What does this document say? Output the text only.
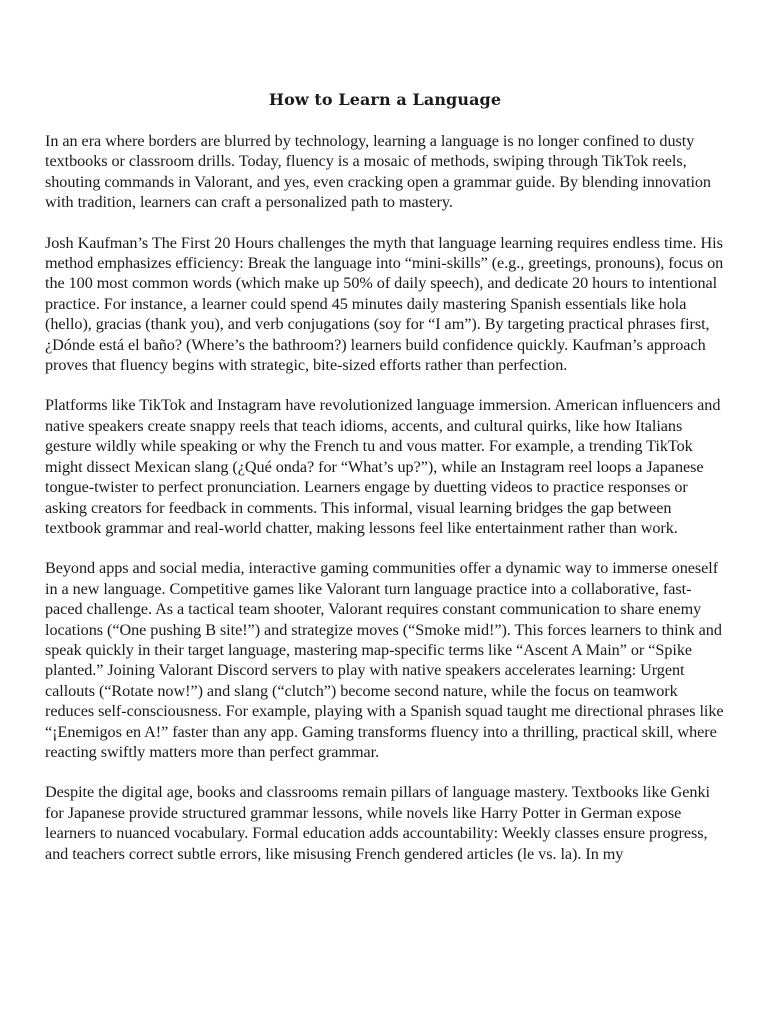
How to Learn a Language

In an era where borders are blurred by technology, learning a language is no longer confined to dusty textbooks or classroom drills. Today, fluency is a mosaic of methods, swiping through TikTok reels, shouting commands in Valorant, and yes, even cracking open a grammar guide. By blending innovation with tradition, learners can craft a personalized path to mastery.

Josh Kaufman’s The First 20 Hours challenges the myth that language learning requires endless time. His method emphasizes efficiency: Break the language into “mini-skills” (e.g., greetings, pronouns), focus on the 100 most common words (which make up 50% of daily speech), and dedicate 20 hours to intentional practice. For instance, a learner could spend 45 minutes daily mastering Spanish essentials like hola (hello), gracias (thank you), and verb conjugations (soy for “I am”). By targeting practical phrases first, ¿Dónde está el baño? (Where’s the bathroom?) learners build confidence quickly. Kaufman’s approach proves that fluency begins with strategic, bite-sized efforts rather than perfection.

Platforms like TikTok and Instagram have revolutionized language immersion. American influencers and native speakers create snappy reels that teach idioms, accents, and cultural quirks, like how Italians gesture wildly while speaking or why the French tu and vous matter. For example, a trending TikTok might dissect Mexican slang (¿Qué onda? for “What’s up?”), while an Instagram reel loops a Japanese tongue-twister to perfect pronunciation. Learners engage by duetting videos to practice responses or asking creators for feedback in comments. This informal, visual learning bridges the gap between textbook grammar and real-world chatter, making lessons feel like entertainment rather than work.

Beyond apps and social media, interactive gaming communities offer a dynamic way to immerse oneself in a new language. Competitive games like Valorant turn language practice into a collaborative, fast-paced challenge. As a tactical team shooter, Valorant requires constant communication to share enemy locations (“One pushing B site!”) and strategize moves (“Smoke mid!”). This forces learners to think and speak quickly in their target language, mastering map-specific terms like “Ascent A Main” or “Spike planted.” Joining Valorant Discord servers to play with native speakers accelerates learning: Urgent callouts (“Rotate now!”) and slang (“clutch”) become second nature, while the focus on teamwork reduces self-consciousness. For example, playing with a Spanish squad taught me directional phrases like “¡Enemigos en A!” faster than any app. Gaming transforms fluency into a thrilling, practical skill, where reacting swiftly matters more than perfect grammar.

Despite the digital age, books and classrooms remain pillars of language mastery. Textbooks like Genki for Japanese provide structured grammar lessons, while novels like Harry Potter in German expose learners to nuanced vocabulary. Formal education adds accountability: Weekly classes ensure progress, and teachers correct subtle errors, like misusing French gendered articles (le vs. la). In my
